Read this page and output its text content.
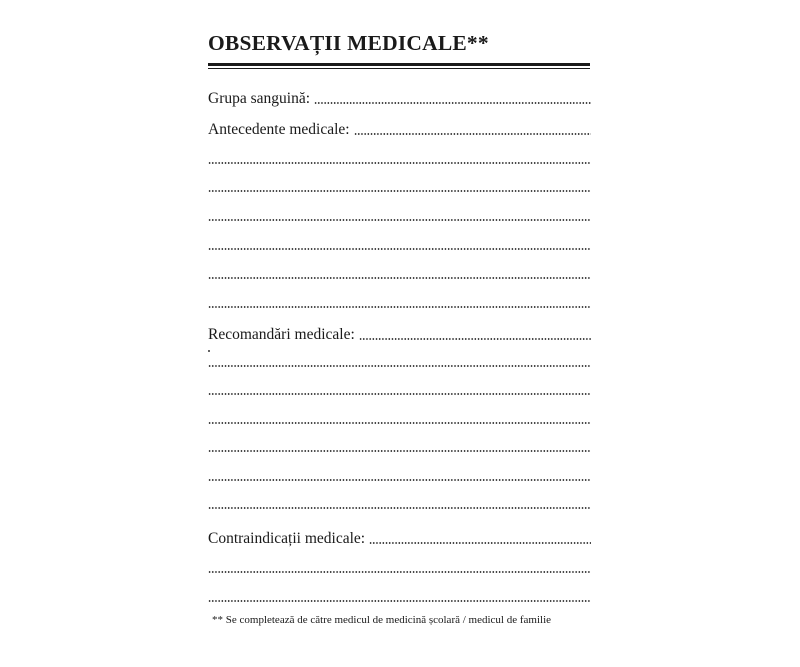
OBSERVAȚII MEDICALE**
Grupa sanguină:
Antecedente medicale:
Recomandări medicale:
Contraindicații medicale:
** Se completează de către medicul de medicină școlară / medicul de familie
